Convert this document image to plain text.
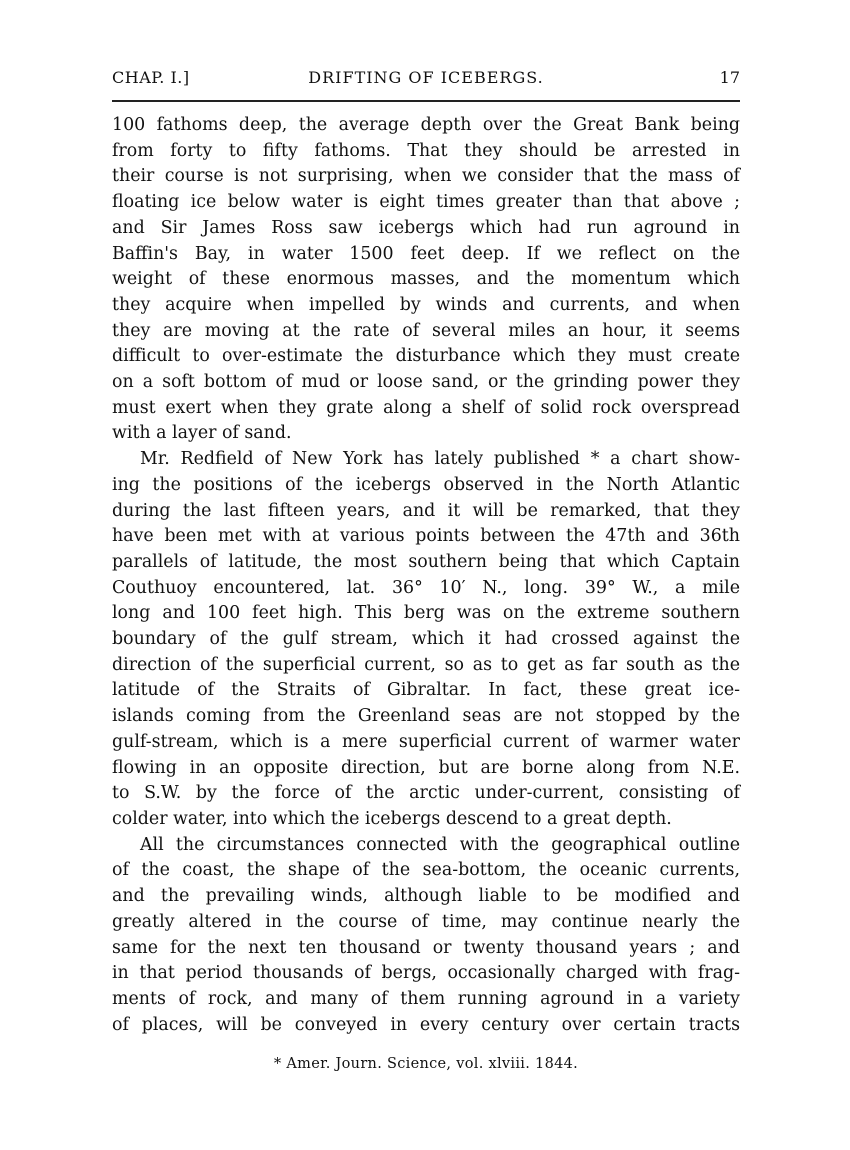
CHAP. I.]	DRIFTING OF ICEBERGS.	17

100 fathoms deep, the average depth over the Great Bank being

from forty to fifty fathoms. That they should be arrested in

their course is not surprising, when we consider that the mass of

floating ice below water is eight times greater than that above ;

and Sir James Ross saw icebergs which had run aground in

Baffin's Bay, in water 1500 feet deep. If we reflect on the

weight of these enormous masses, and the momentum which

they acquire when impelled by winds and currents, and when

they are moving at the rate of several miles an hour, it seems

difficult to over-estimate the disturbance which they must create

on a soft bottom of mud or loose sand, or the grinding power they

must exert when they grate along a shelf of solid rock overspread

with a layer of sand.

Mr. Redfield of New York has lately published * a chart show-

ing the positions of the icebergs observed in the North Atlantic

during the last fifteen years, and it will be remarked, that they

have been met with at various points between the 47th and 36th

parallels of latitude, the most southern being that which Captain

Couthuoy encountered, lat. 36° 10′ N., long. 39° W., a mile

long and 100 feet high. This berg was on the extreme southern

boundary of the gulf stream, which it had crossed against the

direction of the superficial current, so as to get as far south as the

latitude of the Straits of Gibraltar. In fact, these great ice-

islands coming from the Greenland seas are not stopped by the

gulf-stream, which is a mere superficial current of warmer water

flowing in an opposite direction, but are borne along from N.E.

to S.W. by the force of the arctic under-current, consisting of

colder water, into which the icebergs descend to a great depth.

All the circumstances connected with the geographical outline

of the coast, the shape of the sea-bottom, the oceanic currents,

and the prevailing winds, although liable to be modified and

greatly altered in the course of time, may continue nearly the

same for the next ten thousand or twenty thousand years ; and

in that period thousands of bergs, occasionally charged with frag-

ments of rock, and many of them running aground in a variety

of places, will be conveyed in every century over certain tracts

* Amer. Journ. Science, vol. xlviii. 1844.
